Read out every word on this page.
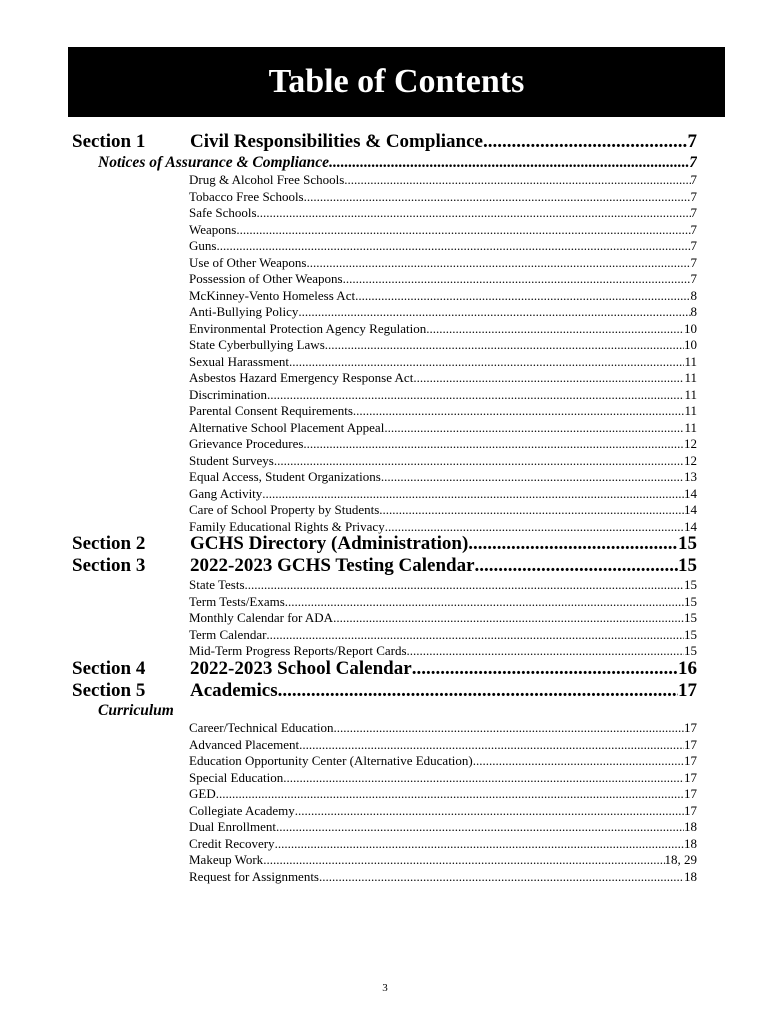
Table of Contents
Section 1	Civil Responsibilities & Compliance .....	7
Notices of Assurance & Compliance .....	7
Drug & Alcohol Free Schools .....	7
Tobacco Free Schools .....	7
Safe Schools .....	7
Weapons .....	7
Guns .....	7
Use of Other Weapons .....	7
Possession of Other Weapons .....	7
McKinney-Vento Homeless Act .....	8
Anti-Bullying Policy .....	8
Environmental Protection Agency Regulation .....	10
State Cyberbullying Laws .....	10
Sexual Harassment .....	11
Asbestos Hazard Emergency Response Act .....	11
Discrimination .....	11
Parental Consent Requirements .....	11
Alternative School Placement Appeal .....	11
Grievance Procedures .....	12
Student Surveys .....	12
Equal Access, Student Organizations .....	13
Gang Activity .....	14
Care of School Property by Students .....	14
Family Educational Rights & Privacy .....	14
Section 2	GCHS Directory (Administration) .....	15
Section 3	2022-2023 GCHS Testing Calendar .....	15
State Tests .....	15
Term Tests/Exams .....	15
Monthly Calendar for ADA .....	15
Term Calendar .....	15
Mid-Term Progress Reports/Report Cards .....	15
Section 4	2022-2023 School Calendar .....	16
Section 5	Academics .....	17
Curriculum
Career/Technical Education .....	17
Advanced Placement .....	17
Education Opportunity Center (Alternative Education) .....	17
Special Education .....	17
GED .....	17
Collegiate Academy .....	17
Dual Enrollment .....	18
Credit Recovery .....	18
Makeup Work .....	18, 29
Request for Assignments .....	18
3
